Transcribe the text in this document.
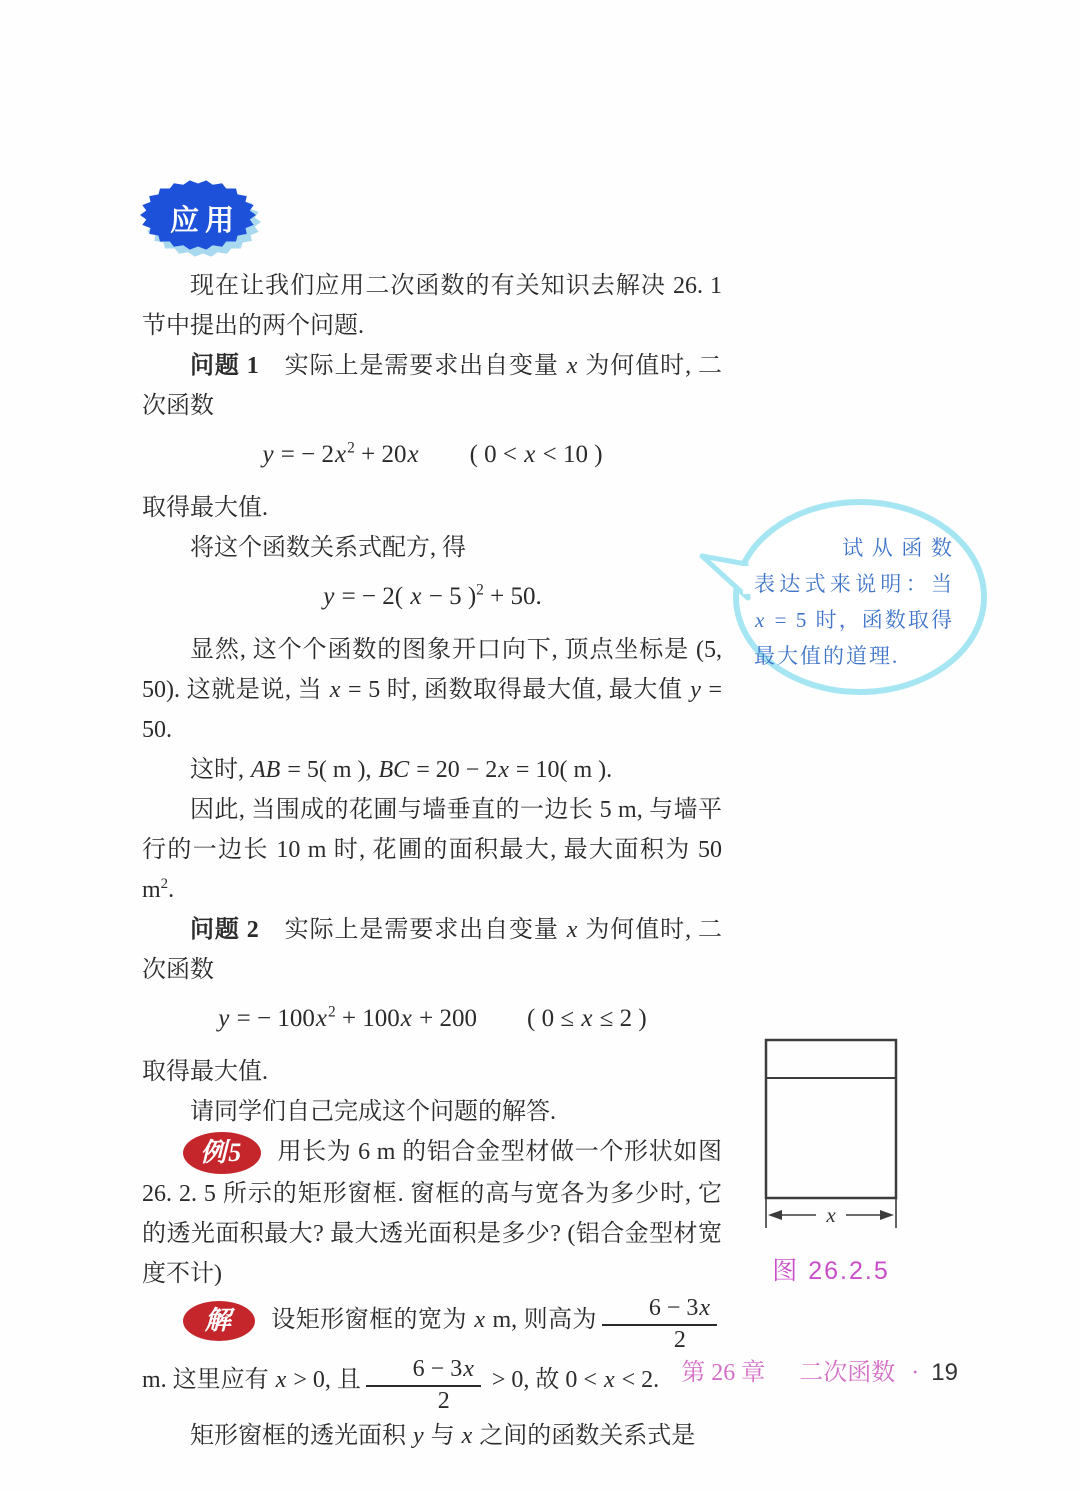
应用

现在让我们应用二次函数的有关知识去解决 26. 1 节中提出的两个问题.

问题 1　实际上是需要求出自变量 x 为何值时, 二次函数

y = − $2x^2 + 20x$　　( 0 < x < 10 )

取得最大值.

将这个函数关系式配方, 得

y = − 2( x − 5 )$^2$ + 50.

显然, 这个个函数的图象开口向下, 顶点坐标是 (5, 50). 这就是说, 当 x = 5 时, 函数取得最大值, 最大值 y = 50.

这时, AB = 5( m ), BC = 20 − 2x = 10( m ).

因此, 当围成的花圃与墙垂直的一边长 5 m, 与墙平行的一边长 10 m 时, 花圃的面积最大, 最大面积为 50 $m^2$.

问题 2　实际上是需要求出自变量 x 为何值时, 二次函数

y = − $100x^2 + 100x + 200$　　( 0 ≤ x ≤ 2 )

取得最大值.

请同学们自己完成这个问题的解答.

例5 用长为 6 m 的铝合金型材做一个形状如图 26. 2. 5 所示的矩形窗框. 窗框的高与宽各为多少时, 它的透光面积最大? 最大透光面积是多少? (铝合金型材宽度不计)

解 设矩形窗框的宽为 x m, 则高为 $\frac{6 - 3x}{2}$
m. 这里应有 x > 0, 且 $\frac{6 - 3x}{2} > 0$, 故 0 < x < 2.

矩形窗框的透光面积 y 与 x 之间的函数关系式是

试从函数表达式来说明：当 x = 5 时，函数取得最大值的道理.
x
图 26.2.5
第 26 章 二次函数 · 19
